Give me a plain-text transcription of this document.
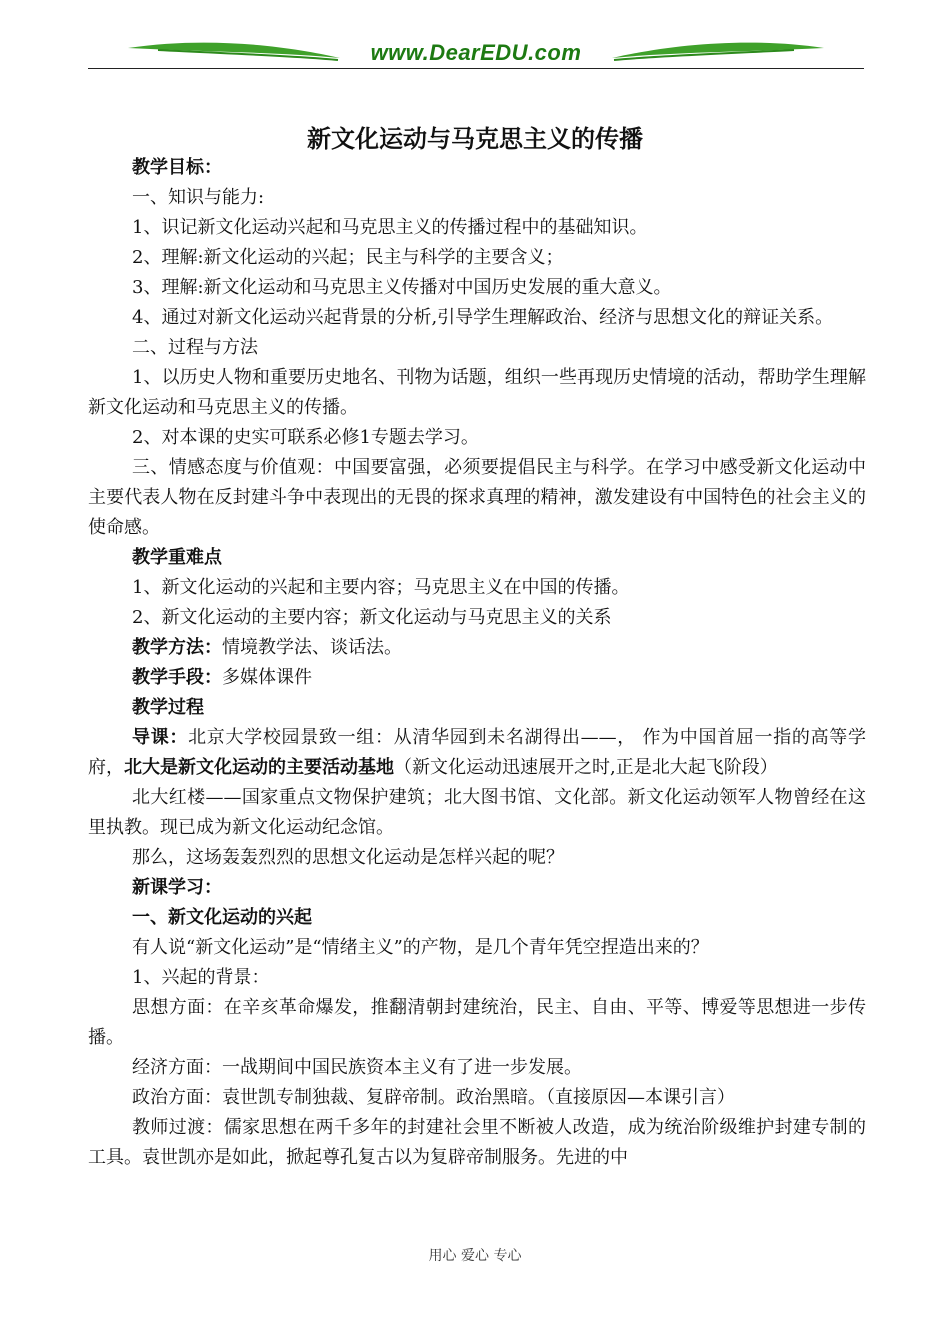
www.DearEDU.com
新文化运动与马克思主义的传播

教学目标：

一、知识与能力:

1、识记新文化运动兴起和马克思主义的传播过程中的基础知识。

2、理解:新文化运动的兴起；民主与科学的主要含义；

3、理解:新文化运动和马克思主义传播对中国历史发展的重大意义。

4、通过对新文化运动兴起背景的分析,引导学生理解政治、经济与思想文化的辩证关系。

二、过程与方法

1、以历史人物和重要历史地名、刊物为话题，组织一些再现历史情境的活动，帮助学生理解新文化运动和马克思主义的传播。

2、对本课的史实可联系必修1专题去学习。

三、情感态度与价值观：中国要富强，必须要提倡民主与科学。在学习中感受新文化运动中主要代表人物在反封建斗争中表现出的无畏的探求真理的精神，激发建设有中国特色的社会主义的使命感。

教学重难点

1、新文化运动的兴起和主要内容；马克思主义在中国的传播。

2、新文化运动的主要内容；新文化运动与马克思主义的关系

教学方法：情境教学法、谈话法。

教学手段：多媒体课件

教学过程

导课：北京大学校园景致一组：从清华园到未名湖得出——， 作为中国首屈一指的高等学府，北大是新文化运动的主要活动基地（新文化运动迅速展开之时,正是北大起飞阶段）

北大红楼——国家重点文物保护建筑；北大图书馆、文化部。新文化运动领军人物曾经在这里执教。现已成为新文化运动纪念馆。

那么，这场轰轰烈烈的思想文化运动是怎样兴起的呢？

新课学习：

一、新文化运动的兴起

有人说“新文化运动”是“情绪主义”的产物，是几个青年凭空捏造出来的？

1、兴起的背景：

思想方面：在辛亥革命爆发，推翻清朝封建统治，民主、自由、平等、博爱等思想进一步传播。

经济方面：一战期间中国民族资本主义有了进一步发展。

政治方面：袁世凯专制独裁、复辟帝制。政治黑暗。（直接原因—本课引言）

教师过渡：儒家思想在两千多年的封建社会里不断被人改造，成为统治阶级维护封建专制的工具。袁世凯亦是如此，掀起尊孔复古以为复辟帝制服务。先进的中

用心 爱心 专心
